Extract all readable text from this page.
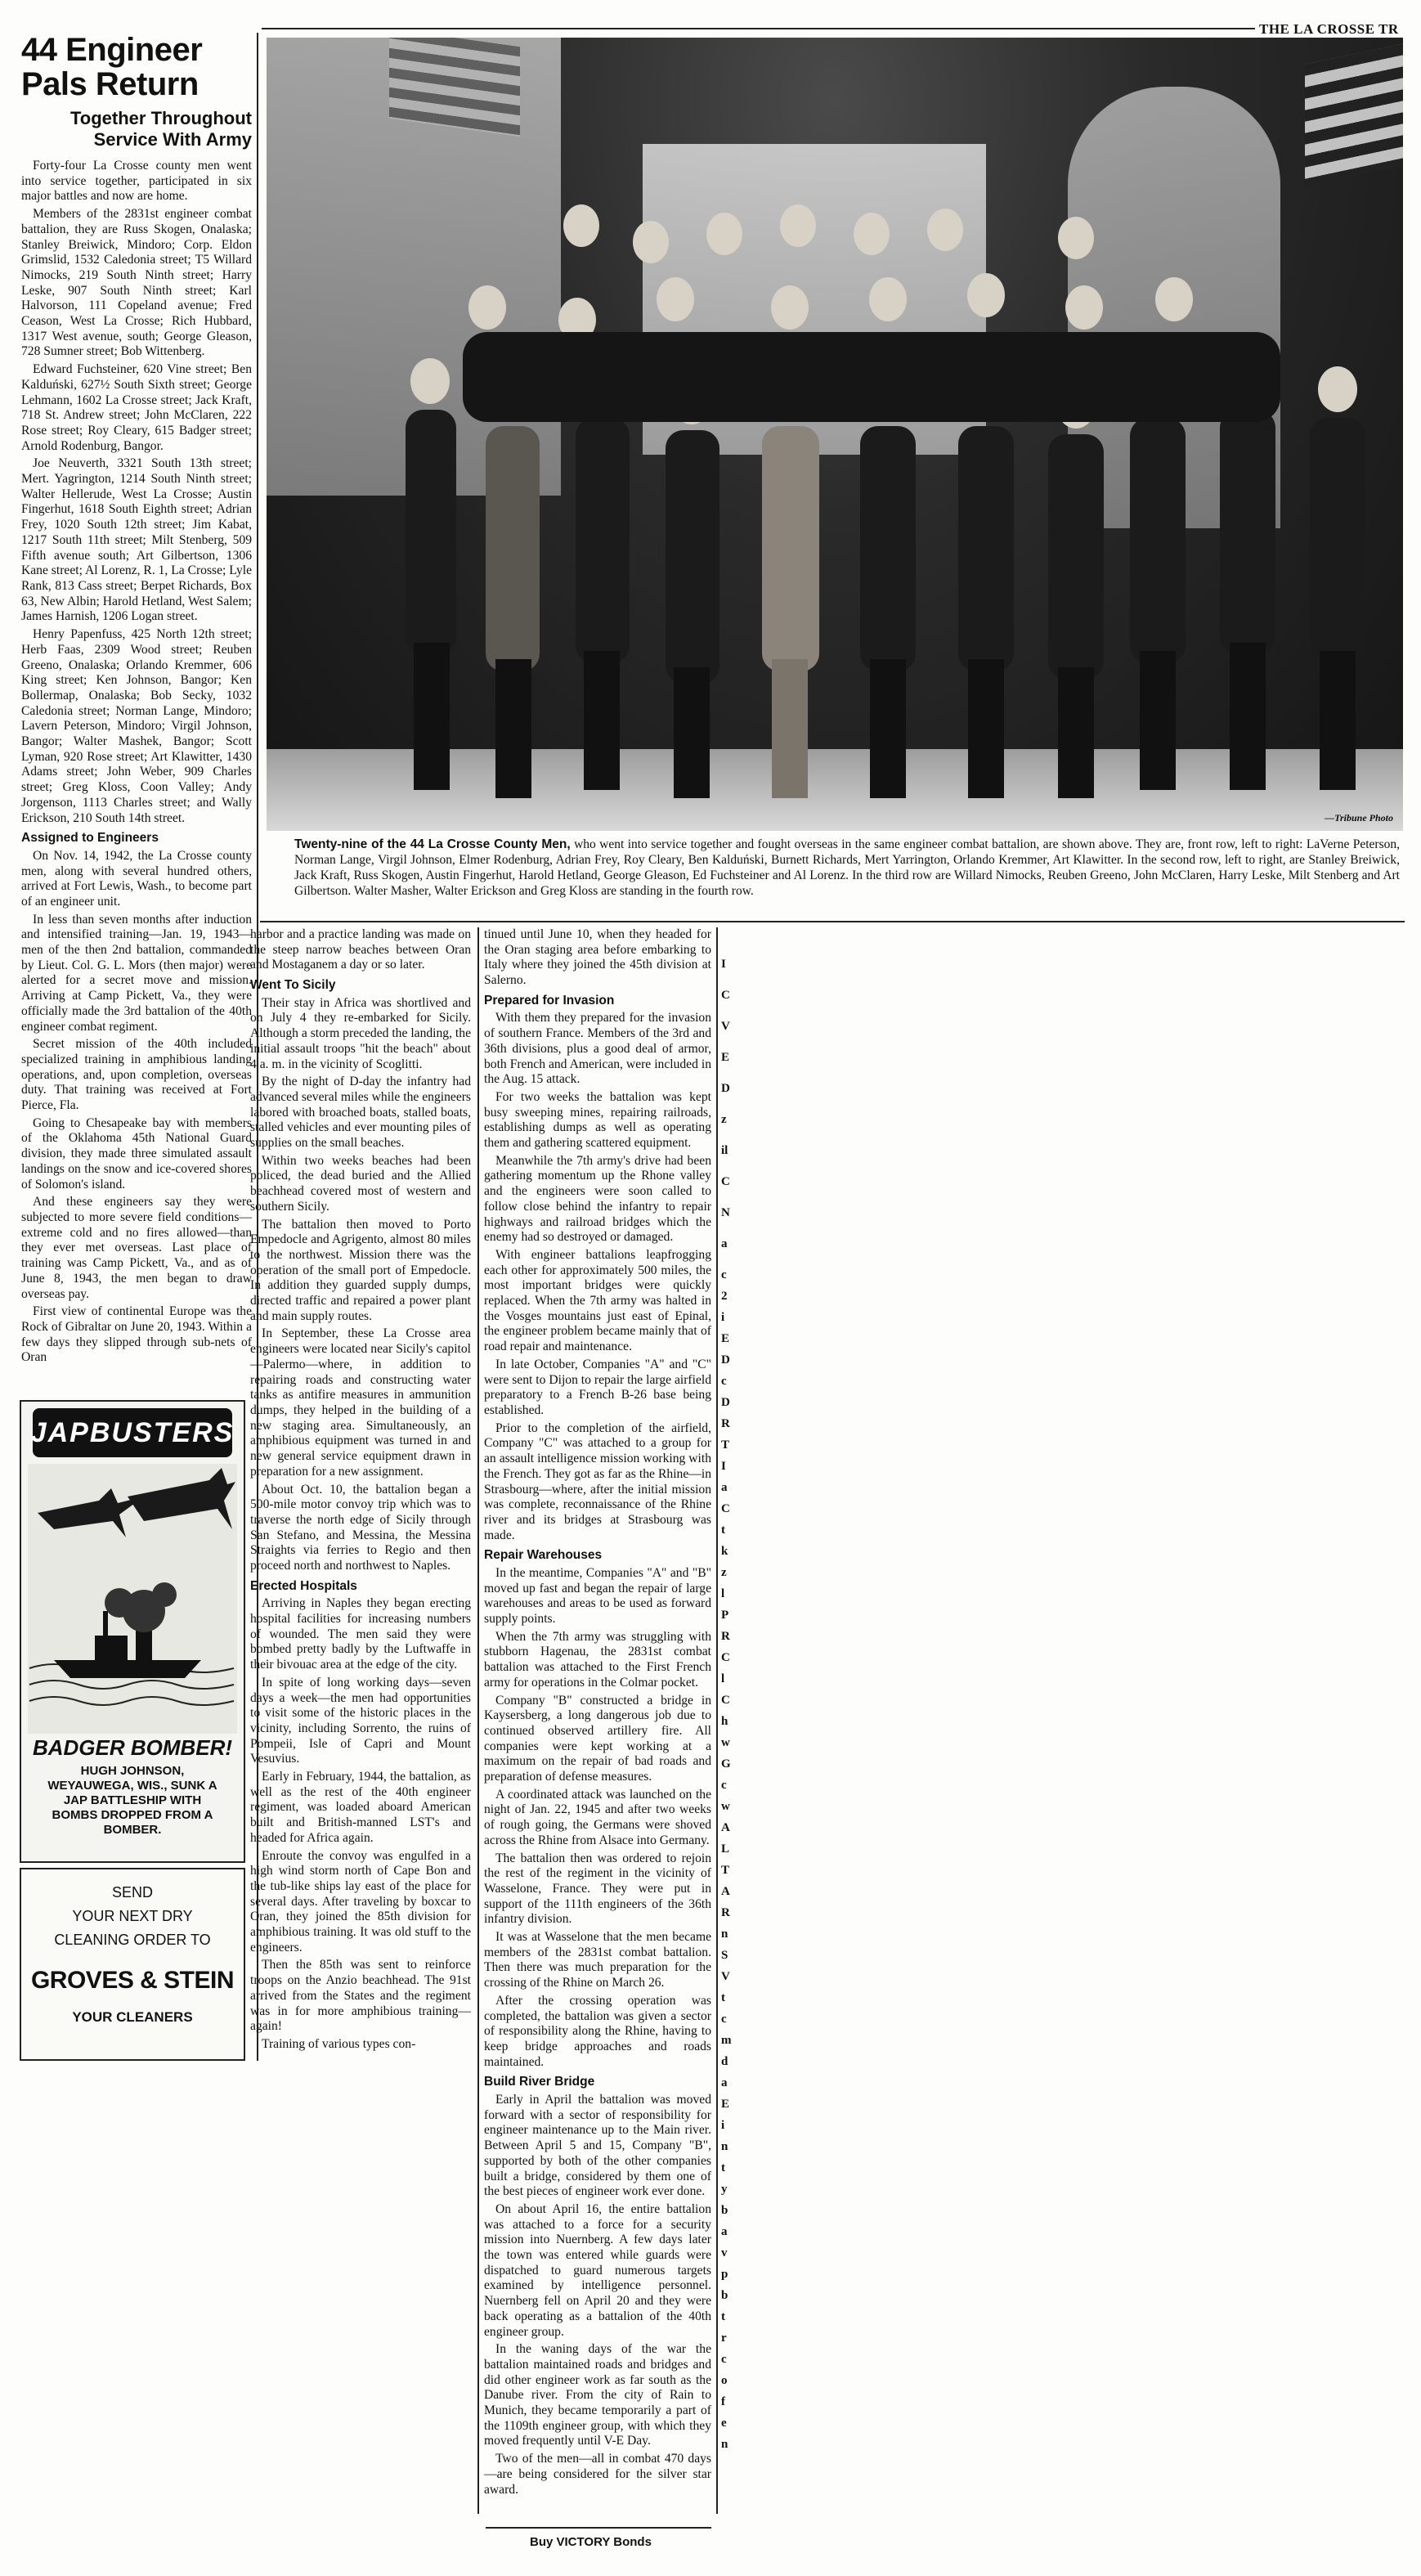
THE LA CROSSE TR
44 Engineer Pals Return
Together Throughout Service With Army

Forty-four La Crosse county men went into service together, participated in six major battles and now are home.

Members of the 2831st engineer combat battalion, they are Russ Skogen, Onalaska; Stanley Breiwick, Mindoro; Corp. Eldon Grimslid, 1532 Caledonia street; T5 Willard Nimocks, 219 South Ninth street; Harry Leske, 907 South Ninth street; Karl Halvorson, 111 Copeland avenue; Fred Ceason, West La Crosse; Rich Hubbard, 1317 West avenue, south; George Gleason, 728 Sumner street; Bob Wittenberg.

Edward Fuchsteiner, 620 Vine street; Ben Kalduński, 627½ South Sixth street; George Lehmann, 1602 La Crosse street; Jack Kraft, 718 St. Andrew street; John McClaren, 222 Rose street; Roy Cleary, 615 Badger street; Arnold Rodenburg, Bangor.

Joe Neuverth, 3321 South 13th street; Mert. Yagrington, 1214 South Ninth street; Walter Hellerude, West La Crosse; Austin Fingerhut, 1618 South Eighth street; Adrian Frey, 1020 South 12th street; Jim Kabat, 1217 South 11th street; Milt Stenberg, 509 Fifth avenue south; Art Gilbertson, 1306 Kane street; Al Lorenz, R. 1, La Crosse; Lyle Rank, 813 Cass street; Berpet Richards, Box 63, New Albin; Harold Hetland, West Salem; James Harnish, 1206 Logan street.

Henry Papenfuss, 425 North 12th street; Herb Faas, 2309 Wood street; Reuben Greeno, Onalaska; Orlando Kremmer, 606 King street; Ken Johnson, Bangor; Ken Bollermap, Onalaska; Bob Secky, 1032 Caledonia street; Norman Lange, Mindoro; Lavern Peterson, Mindoro; Virgil Johnson, Bangor; Walter Mashek, Bangor; Scott Lyman, 920 Rose street; Art Klawitter, 1430 Adams street; John Weber, 909 Charles street; Greg Kloss, Coon Valley; Andy Jorgenson, 1113 Charles street; and Wally Erickson, 210 South 14th street.

Assigned to Engineers

On Nov. 14, 1942, the La Crosse county men, along with several hundred others, arrived at Fort Lewis, Wash., to become part of an engineer unit.

In less than seven months after induction and intensified training—Jan. 19, 1943—men of the then 2nd battalion, commanded by Lieut. Col. G. L. Mors (then major) were alerted for a secret move and mission. Arriving at Camp Pickett, Va., they were officially made the 3rd battalion of the 40th engineer combat regiment.

Secret mission of the 40th included specialized training in amphibious landing operations, and, upon completion, overseas duty. That training was received at Fort Pierce, Fla.

Going to Chesapeake bay with members of the Oklahoma 45th National Guard division, they made three simulated assault landings on the snow and ice-covered shores of Solomon's island.

And these engineers say they were subjected to more severe field conditions—extreme cold and no fires allowed—than they ever met overseas. Last place of training was Camp Pickett, Va., and as of June 8, 1943, the men began to draw overseas pay.

First view of continental Europe was the Rock of Gibraltar on June 20, 1943. Within a few days they slipped through sub-nets of Oran

JAPBUSTERS
BADGER BOMBER!
HUGH JOHNSON, WEYAUWEGA, WIS., SUNK A JAP BATTLESHIP WITH BOMBS DROPPED FROM A BOMBER.
SEND
YOUR NEXT DRY
CLEANING ORDER TO
GROVES & STEIN
YOUR CLEANERS
—Tribune Photo
Twenty-nine of the 44 La Crosse County Men, who went into service together and fought overseas in the same engineer combat battalion, are shown above. They are, front row, left to right: LaVerne Peterson, Norman Lange, Virgil Johnson, Elmer Rodenburg, Adrian Frey, Roy Cleary, Ben Kalduński, Burnett Richards, Mert Yarrington, Orlando Kremmer, Art Klawitter. In the second row, left to right, are Stanley Breiwick, Jack Kraft, Russ Skogen, Austin Fingerhut, Harold Hetland, George Gleason, Ed Fuchsteiner and Al Lorenz. In the third row are Willard Nimocks, Reuben Greeno, John McClaren, Harry Leske, Milt Stenberg and Art Gilbertson. Walter Masher, Walter Erickson and Greg Kloss are standing in the fourth row.

harbor and a practice landing was made on the steep narrow beaches between Oran and Mostaganem a day or so later.

Went To Sicily

Their stay in Africa was shortlived and on July 4 they re-embarked for Sicily. Although a storm preceded the landing, the initial assault troops "hit the beach" about 4 a. m. in the vicinity of Scoglitti.

By the night of D-day the infantry had advanced several miles while the engineers labored with broached boats, stalled boats, stalled vehicles and ever mounting piles of supplies on the small beaches.

Within two weeks beaches had been policed, the dead buried and the Allied beachhead covered most of western and southern Sicily.

The battalion then moved to Porto Empedocle and Agrigento, almost 80 miles to the northwest. Mission there was the operation of the small port of Empedocle. In addition they guarded supply dumps, directed traffic and repaired a power plant and main supply routes.

In September, these La Crosse area engineers were located near Sicily's capitol—Palermo—where, in addition to repairing roads and constructing water tanks as antifire measures in ammunition dumps, they helped in the building of a new staging area. Simultaneously, an amphibious equipment was turned in and new general service equipment drawn in preparation for a new assignment.

About Oct. 10, the battalion began a 500-mile motor convoy trip which was to traverse the north edge of Sicily through San Stefano, and Messina, the Messina Straights via ferries to Regio and then proceed north and northwest to Naples.

Erected Hospitals

Arriving in Naples they began erecting hospital facilities for increasing numbers of wounded. The men said they were bombed pretty badly by the Luftwaffe in their bivouac area at the edge of the city.

In spite of long working days—seven days a week—the men had opportunities to visit some of the historic places in the vicinity, including Sorrento, the ruins of Pompeii, Isle of Capri and Mount Vesuvius.

Early in February, 1944, the battalion, as well as the rest of the 40th engineer regiment, was loaded aboard American built and British-manned LST's and headed for Africa again.

Enroute the convoy was engulfed in a high wind storm north of Cape Bon and the tub-like ships lay east of the place for several days. After traveling by boxcar to Oran, they joined the 85th division for amphibious training. It was old stuff to the engineers.

Then the 85th was sent to reinforce troops on the Anzio beachhead. The 91st arrived from the States and the regiment was in for more amphibious training—again!

Training of various types con-

tinued until June 10, when they headed for the Oran staging area before embarking to Italy where they joined the 45th division at Salerno.

Prepared for Invasion

With them they prepared for the invasion of southern France. Members of the 3rd and 36th divisions, plus a good deal of armor, both French and American, were included in the Aug. 15 attack.

For two weeks the battalion was kept busy sweeping mines, repairing railroads, establishing dumps as well as operating them and gathering scattered equipment.

Meanwhile the 7th army's drive had been gathering momentum up the Rhone valley and the engineers were soon called to follow close behind the infantry to repair highways and railroad bridges which the enemy had so destroyed or damaged.

With engineer battalions leapfrogging each other for approximately 500 miles, the most important bridges were quickly replaced. When the 7th army was halted in the Vosges mountains just east of Epinal, the engineer problem became mainly that of road repair and maintenance.

In late October, Companies "A" and "C" were sent to Dijon to repair the large airfield preparatory to a French B-26 base being established.

Prior to the completion of the airfield, Company "C" was attached to a group for an assault intelligence mission working with the French. They got as far as the Rhine—in Strasbourg—where, after the initial mission was complete, reconnaissance of the Rhine river and its bridges at Strasbourg was made.

Repair Warehouses

In the meantime, Companies "A" and "B" moved up fast and began the repair of large warehouses and areas to be used as forward supply points.

When the 7th army was struggling with stubborn Hagenau, the 2831st combat battalion was attached to the First French army for operations in the Colmar pocket.

Company "B" constructed a bridge in Kaysersberg, a long dangerous job due to continued observed artillery fire. All companies were kept working at a maximum on the repair of bad roads and preparation of defense measures.

A coordinated attack was launched on the night of Jan. 22, 1945 and after two weeks of rough going, the Germans were shoved across the Rhine from Alsace into Germany.

The battalion then was ordered to rejoin the rest of the regiment in the vicinity of Wasselone, France. They were put in support of the 111th engineers of the 36th infantry division.

It was at Wasselone that the men became members of the 2831st combat battalion. Then there was much preparation for the crossing of the Rhine on March 26.

After the crossing operation was completed, the battalion was given a sector of responsibility along the Rhine, having to keep bridge approaches and roads maintained.

Build River Bridge

Early in April the battalion was moved forward with a sector of responsibility for engineer maintenance up to the Main river. Between April 5 and 15, Company "B", supported by both of the other companies built a bridge, considered by them one of the best pieces of engineer work ever done.

On about April 16, the entire battalion was attached to a force for a security mission into Nuernberg. A few days later the town was entered while guards were dispatched to guard numerous targets examined by intelligence personnel. Nuernberg fell on April 20 and they were back operating as a battalion of the 40th engineer group.

In the waning days of the war the battalion maintained roads and bridges and did other engineer work as far south as the Danube river. From the city of Rain to Munich, they became temporarily a part of the 1109th engineer group, with which they moved frequently until V-E Day.

Two of the men—all in combat 470 days—are being considered for the silver star award.

I
C
V
E
D
z
il
C
N
a
c
2
i
E
D
c
D
R
T
I
a
C
t
k
z
l
P
R
C
l
C
h
w
G
c
w
A
L
T
A
R
n
S
V
t
c
m
d
a
E
i
n
t
y
b
a
v
p
b
t
r
c
o
f
e
n
Buy VICTORY Bonds
